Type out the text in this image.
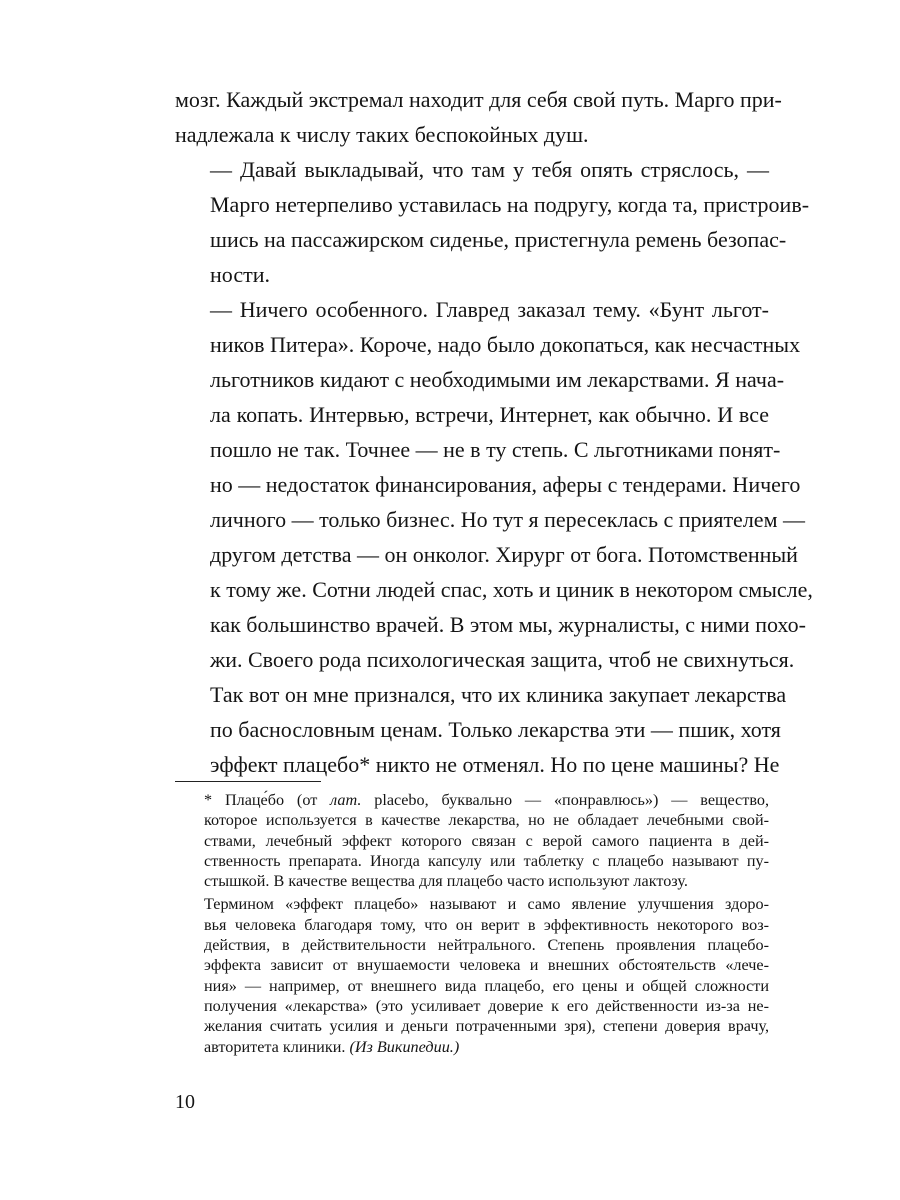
мозг. Каждый экстремал находит для себя свой путь. Марго при-
надлежала к числу таких беспокойных душ.

— Давай выкладывай, что там у тебя опять стряслось, —
Марго нетерпеливо уставилась на подругу, когда та, пристроив-
шись на пассажирском сиденье, пристегнула ремень безопас-
ности.

— Ничего особенного. Главред заказал тему. «Бунт льгот-
ников Питера». Короче, надо было докопаться, как несчастных
льготников кидают с необходимыми им лекарствами. Я нача-
ла копать. Интервью, встречи, Интернет, как обычно. И все
пошло не так. Точнее — не в ту степь. С льготниками понят-
но — недостаток финансирования, аферы с тендерами. Ничего
личного — только бизнес. Но тут я пересеклась с приятелем —
другом детства — он онколог. Хирург от бога. Потомственный
к тому же. Сотни людей спас, хоть и циник в некотором смысле,
как большинство врачей. В этом мы, журналисты, с ними похо-
жи. Своего рода психологическая защита, чтоб не свихнуться.
Так вот он мне признался, что их клиника закупает лекарства
по баснословным ценам. Только лекарства эти — пшик, хотя
эффект плацебо* никто не отменял. Но по цене машины? Не

* Плаце́бо (от лат. placebo, буквально — «понравлюсь») — вещество,
которое используется в качестве лекарства, но не обладает лечебными свой-
ствами, лечебный эффект которого связан с верой самого пациента в дей-
ственность препарата. Иногда капсулу или таблетку с плацебо называют пу-
стышкой. В качестве вещества для плацебо часто используют лактозу.

Термином «эффект плацебо» называют и само явление улучшения здоро-
вья человека благодаря тому, что он верит в эффективность некоторого воз-
действия, в действительности нейтрального. Степень проявления плацебо-
эффекта зависит от внушаемости человека и внешних обстоятельств «лече-
ния» — например, от внешнего вида плацебо, его цены и общей сложности
получения «лекарства» (это усиливает доверие к его действенности из-за не-
желания считать усилия и деньги потраченными зря), степени доверия врачу,
авторитета клиники. (Из Википедии.)

10
